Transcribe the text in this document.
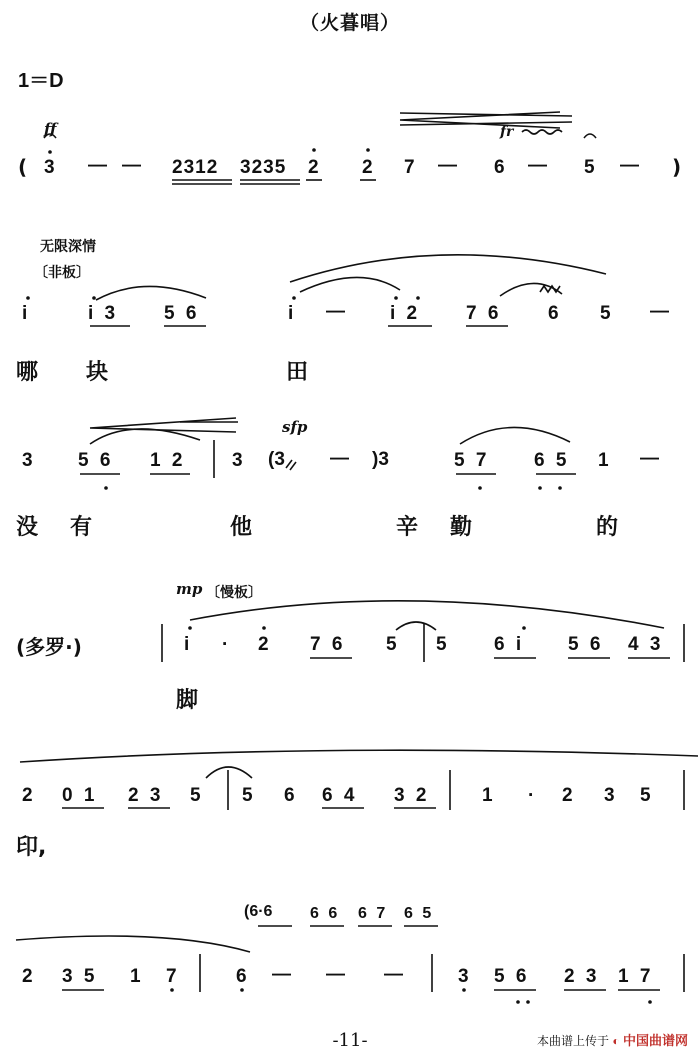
（火暮唱）
1＝D
ff	fr
( 3 — — 2312 3235 2 2 7 — 6 — 5 — )
无限深情
〔非板〕
i	i 3	5 6	i — i 2	7 6	6 5 —
哪 块	田
sfp
3 5 6 1 2	3 (3 — )3	5 7	6 5 1 —
没 有	他	辛 勤	的
mp 〔慢板〕
(多罗·)	i · 2 7 6 5 5 6 i 5 6 4 3
脚
2 0 1 2 3 5 5 6 6 4 3 2	1 · 2 3 5
印,
(6·6 6 6 6 7 6 5
2 3 5 1 7	6 — — —	3 5 6 2 3 1 7
-11-	本曲谱上传于 ◐ 中国曲谱网
